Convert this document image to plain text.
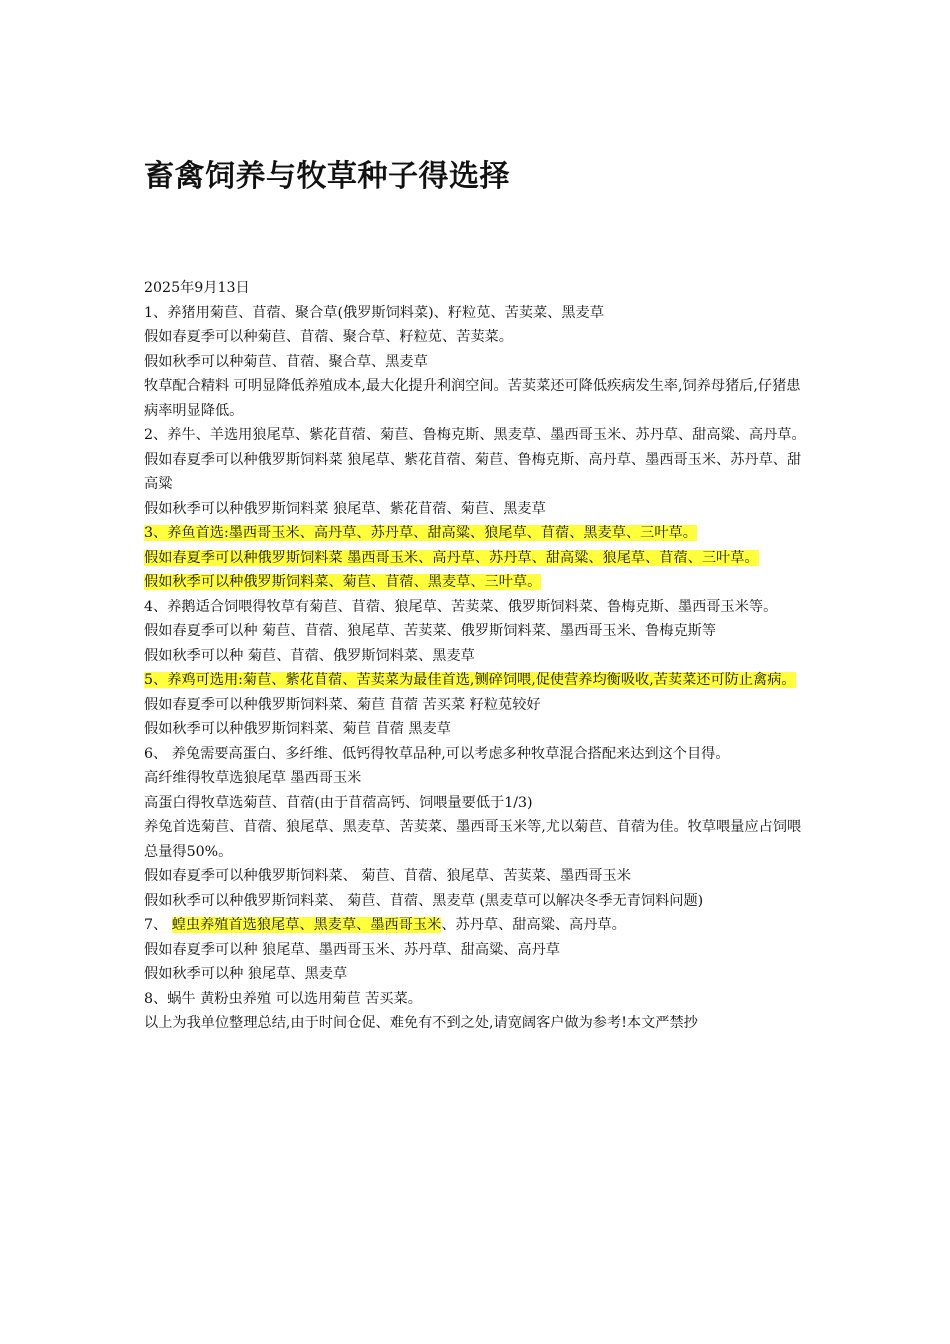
畜禽饲养与牧草种子得选择

2025年9月13日

1、养猪用菊苣、苜蓿、聚合草(俄罗斯饲料菜)、籽粒苋、苦荬菜、黑麦草

假如春夏季可以种菊苣、苜蓿、聚合草、籽粒苋、苦荬菜。

假如秋季可以种菊苣、苜蓿、聚合草、黑麦草

牧草配合精料 可明显降低养殖成本,最大化提升利润空间。苦荬菜还可降低疾病发生率,饲养母猪后,仔猪患病率明显降低。

2、养牛、羊选用狼尾草、紫花苜蓿、菊苣、鲁梅克斯、黑麦草、墨西哥玉米、苏丹草、甜高粱、高丹草。

假如春夏季可以种俄罗斯饲料菜 狼尾草、紫花苜蓿、菊苣、鲁梅克斯、高丹草、墨西哥玉米、苏丹草、甜高粱

假如秋季可以种俄罗斯饲料菜 狼尾草、紫花苜蓿、菊苣、黑麦草

3、养鱼首选:墨西哥玉米、高丹草、苏丹草、甜高粱、狼尾草、苜蓿、黑麦草、三叶草。

假如春夏季可以种俄罗斯饲料菜 墨西哥玉米、高丹草、苏丹草、甜高粱、狼尾草、苜蓿、三叶草。

假如秋季可以种俄罗斯饲料菜、菊苣、苜蓿、黑麦草、三叶草。

4、养鹅适合饲喂得牧草有菊苣、苜蓿、狼尾草、苦荬菜、俄罗斯饲料菜、鲁梅克斯、墨西哥玉米等。

假如春夏季可以种 菊苣、苜蓿、狼尾草、苦荬菜、俄罗斯饲料菜、墨西哥玉米、鲁梅克斯等

假如秋季可以种 菊苣、苜蓿、俄罗斯饲料菜、黑麦草

5、养鸡可选用:菊苣、紫花苜蓿、苦荬菜为最佳首选,铡碎饲喂,促使营养均衡吸收,苦荬菜还可防止禽病。

假如春夏季可以种俄罗斯饲料菜、菊苣 苜蓿 苦买菜 籽粒苋较好

假如秋季可以种俄罗斯饲料菜、菊苣 苜蓿 黑麦草

6、 养兔需要高蛋白、多纤维、低钙得牧草品种,可以考虑多种牧草混合搭配来达到这个目得。

高纤维得牧草选狼尾草 墨西哥玉米

高蛋白得牧草选菊苣、苜蓿(由于苜蓿高钙、饲喂量要低于1/3)

养兔首选菊苣、苜蓿、狼尾草、黑麦草、苦荬菜、墨西哥玉米等,尤以菊苣、苜蓿为佳。牧草喂量应占饲喂总量得50%。

假如春夏季可以种俄罗斯饲料菜、 菊苣、苜蓿、狼尾草、苦荬菜、墨西哥玉米

假如秋季可以种俄罗斯饲料菜、 菊苣、苜蓿、黑麦草 (黑麦草可以解决冬季无青饲料问题)

7、 蝗虫养殖首选狼尾草、黑麦草、墨西哥玉米、苏丹草、甜高粱、高丹草。

假如春夏季可以种 狼尾草、墨西哥玉米、苏丹草、甜高粱、高丹草

假如秋季可以种 狼尾草、黑麦草

8、蜗牛 黄粉虫养殖 可以选用菊苣 苦买菜。

以上为我单位整理总结,由于时间仓促、难免有不到之处,请宽阔客户做为参考!本文严禁抄
